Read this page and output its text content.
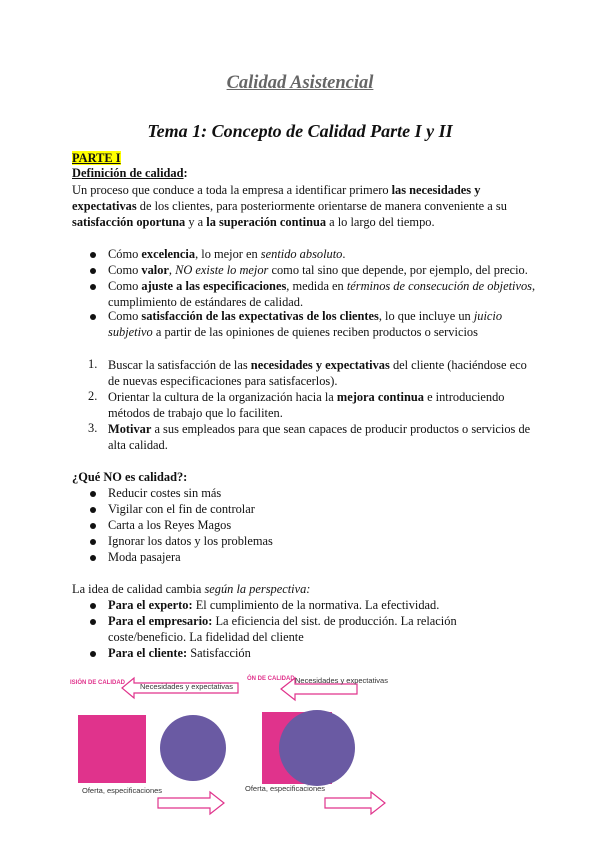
Calidad Asistencial
Tema 1: Concepto de Calidad Parte I y II
PARTE I
Definición de calidad:
Un proceso que conduce a toda la empresa a identificar primero las necesidades y
expectativas de los clientes, para posteriormente orientarse de manera conveniente a su
satisfacción oportuna y a la superación continua a lo largo del tiempo.
Cómo excelencia, lo mejor en sentido absoluto.
Como valor, NO existe lo mejor como tal sino que depende, por ejemplo, del precio.
Como ajuste a las especificaciones, medida en términos de consecución de objetivos,
cumplimiento de estándares de calidad.
Como satisfacción de las expectativas de los clientes, lo que incluye un juicio
subjetivo a partir de las opiniones de quienes reciben productos o servicios
1. Buscar la satisfacción de las necesidades y expectativas del cliente (haciéndose eco
de nuevas especificaciones para satisfacerlos).
2. Orientar la cultura de la organización hacia la mejora continua e introduciendo
métodos de trabajo que lo faciliten.
3. Motivar a sus empleados para que sean capaces de producir productos o servicios de
alta calidad.
¿Qué NO es calidad?:
Reducir costes sin más
Vigilar con el fin de controlar
Carta a los Reyes Magos
Ignorar los datos y los problemas
Moda pasajera
La idea de calidad cambia según la perspectiva:
Para el experto: El cumplimiento de la normativa. La efectividad.
Para el empresario: La eficiencia del sist. de producción. La relación
coste/beneficio. La fidelidad del cliente
Para el cliente: Satisfacción
ISIÓN DE CALIDAD Necesidades y expectativas
Oferta, especificaciones
ÓN DE CALIDAD Necesidades y expectativas
Oferta, especificaciones
